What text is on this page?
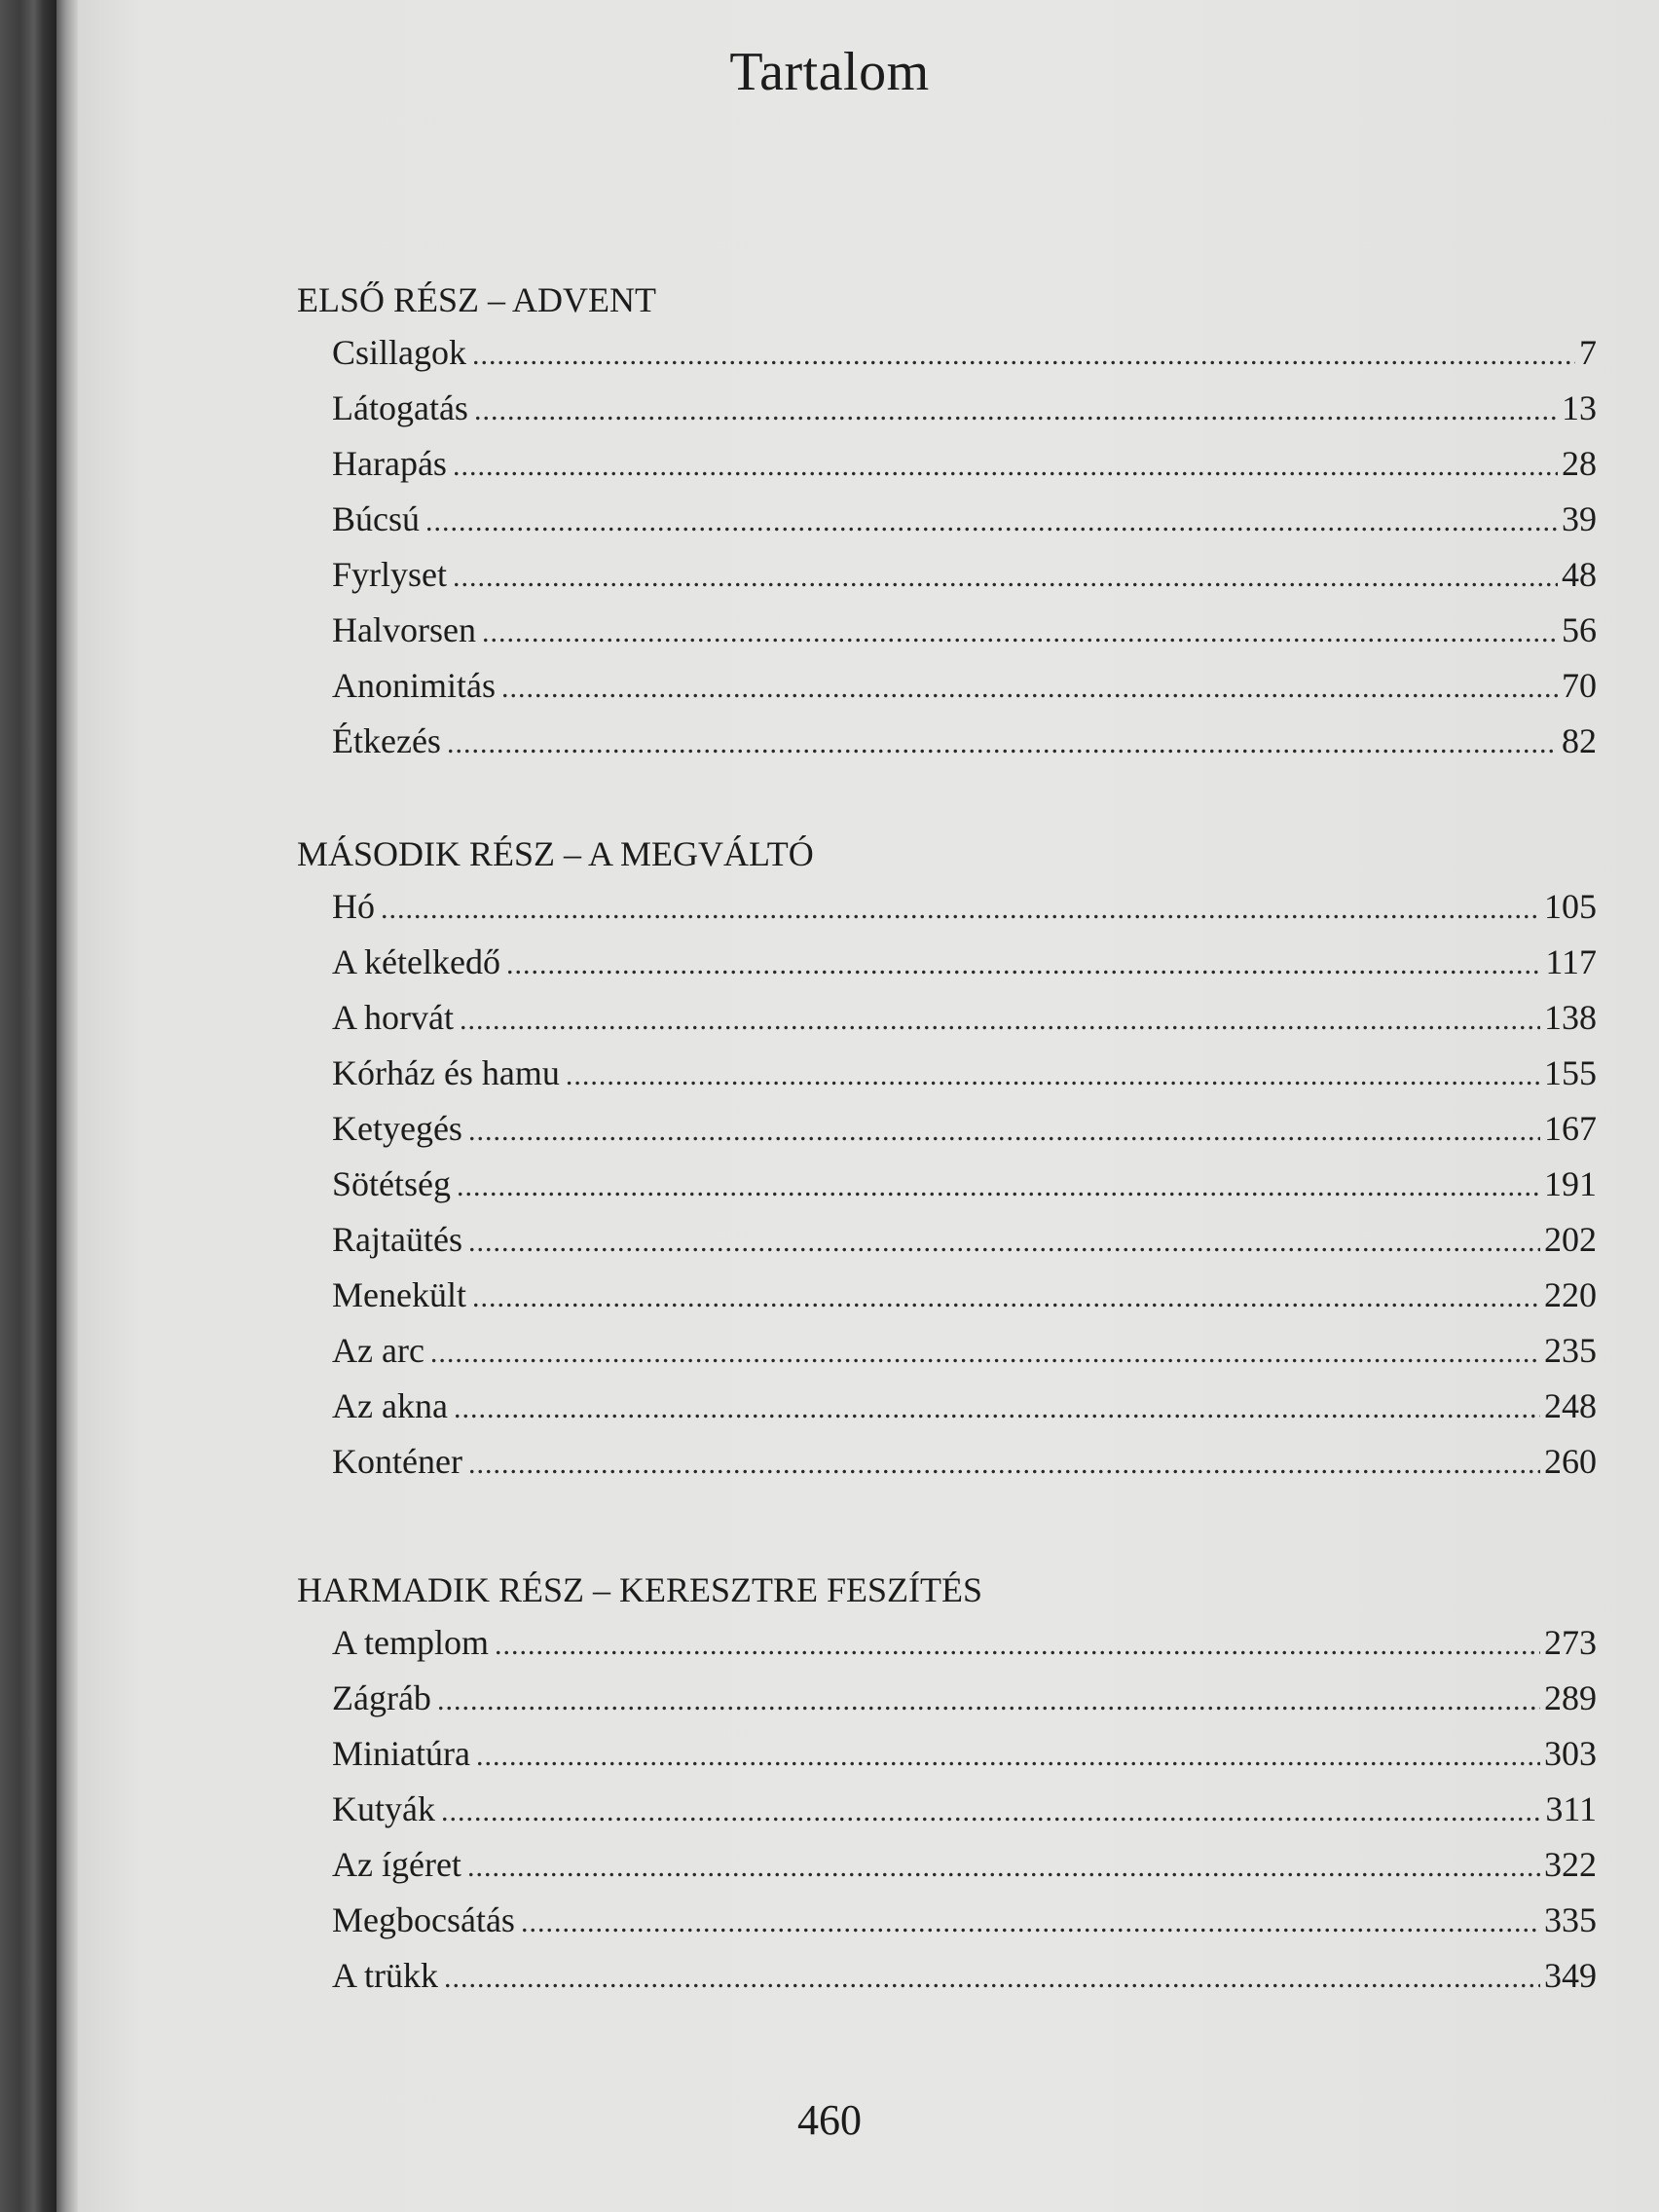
Tartalom
ELSŐ RÉSZ – ADVENT
Csillagok .....	7
Látogatás .....	13
Harapás .....	28
Búcsú .....	39
Fyrlyset .....	48
Halvorsen .....	56
Anonimitás .....	70
Étkezés .....	82
MÁSODIK RÉSZ – A MEGVÁLTÓ
Hó .....	105
A kételkedő .....	117
A horvát .....	138
Kórház és hamu .....	155
Ketyegés .....	167
Sötétség .....	191
Rajtaütés .....	202
Menekült .....	220
Az arc .....	235
Az akna .....	248
Konténer .....	260
HARMADIK RÉSZ – KERESZTRE FESZÍTÉS
A templom .....	273
Zágráb .....	289
Miniatúra .....	303
Kutyák .....	311
Az ígéret .....	322
Megbocsátás .....	335
A trükk .....	349
460
